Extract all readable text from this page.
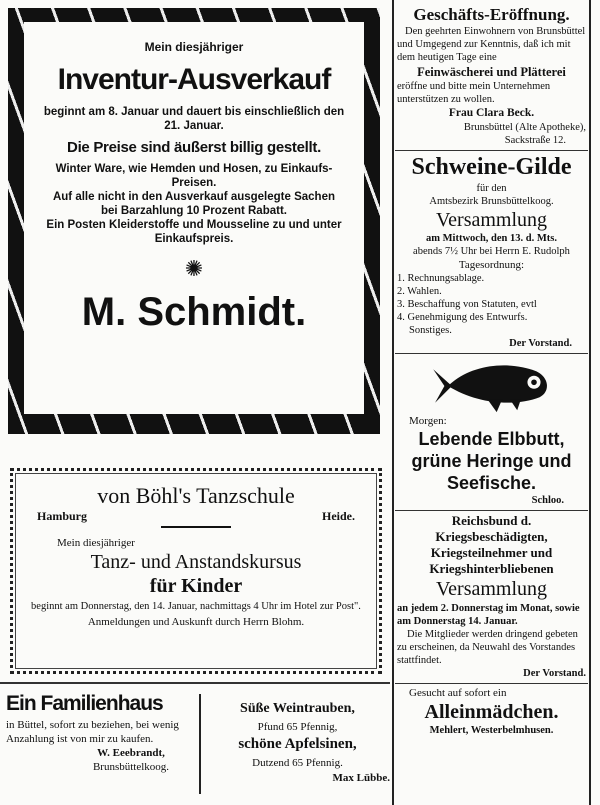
Mein diesjähriger
Inventur-Ausverkauf
beginnt am 8. Januar und dauert bis einschließlich den 21. Januar.
Die Preise sind äußerst billig gestellt.
Winter Ware, wie Hemden und Hosen, zu Einkaufs-Preisen.
Auf alle nicht in den Ausverkauf ausgelegte Sachen bei Barzahlung 10 Prozent Rabatt.
Ein Posten Kleiderstoffe und Mousseline zu und unter Einkaufspreis.
✺
M. Schmidt.
von Böhl's Tanzschule
Hamburg	Heide.
Mein diesjähriger
Tanz- und Anstandskursus
für Kinder
beginnt am Donnerstag, den 14. Januar, nachmittags 4 Uhr im Hotel zur Post".
Anmeldungen und Auskunft durch Herrn Blohm.
Ein Familienhaus
in Büttel, sofort zu beziehen, bei wenig Anzahlung ist von mir zu kaufen.
W. Eeebrandt,
Brunsbüttelkoog.
Süße Weintrauben,
Pfund 65 Pfennig,
schöne Apfelsinen,
Dutzend 65 Pfennig.
Max Lübbe.
Geschäfts-Eröffnung.
Den geehrten Einwohnern von Brunsbüttel und Umgegend zur Kenntnis, daß ich mit dem heutigen Tage eine
Feinwäscherei und Plätterei
eröffne und bitte mein Unternehmen unterstützen zu wollen.
Frau Clara Beck.
Brunsbüttel (Alte Apotheke),
Sackstraße 12.
Schweine-Gilde
für den
Amtsbezirk Brunsbüttelkoog.
Versammlung
am Mittwoch, den 13. d. Mts.
abends 7½ Uhr bei Herrn E. Rudolph
Tagesordnung:
1. Rechnungsablage.
2. Wahlen.
3. Beschaffung von Statuten, evtl
4. Genehmigung des Entwurfs.
Sonstiges.
Der Vorstand.
Morgen:
Lebende Elbbutt, grüne Heringe und Seefische.
Schloo.
Reichsbund d. Kriegsbeschädigten, Kriegsteilnehmer und Kriegshinterbliebenen
Versammlung
an jedem 2. Donnerstag im Monat, sowie am Donnerstag 14. Januar.
Die Mitglieder werden dringend gebeten zu erscheinen, da Neuwahl des Vorstandes stattfindet.
Der Vorstand.
Gesucht auf sofort ein
Alleinmädchen.
Mehlert, Westerbelmhusen.
